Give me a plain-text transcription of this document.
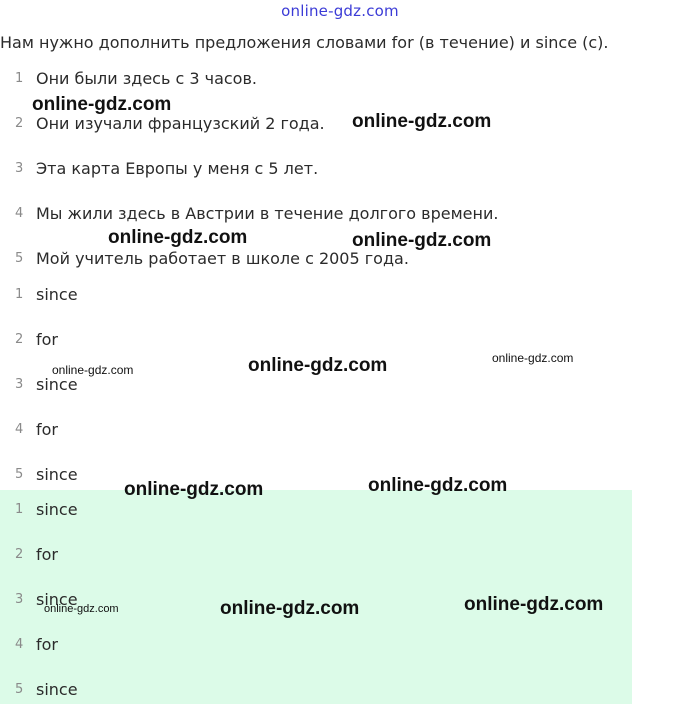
online-gdz.com
Нам нужно дополнить предложения словами for (в течение) и since (с).
1 Они были здесь с 3 часов.
2 Они изучали французский 2 года.
3 Эта карта Европы у меня с 5 лет.
4 Мы жили здесь в Австрии в течение долгого времени.
5 Мой учитель работает в школе с 2005 года.
1 since
2 for
3 since
4 for
5 since
1 since
2 for
3 since
4 for
5 since
online-gdz.com
online-gdz.com
online-gdz.com	online-gdz.com
online-gdz.com	online-gdz.com	online-gdz.com
online-gdz.com	online-gdz.com
online-gdz.com	online-gdz.com	online-gdz.com
